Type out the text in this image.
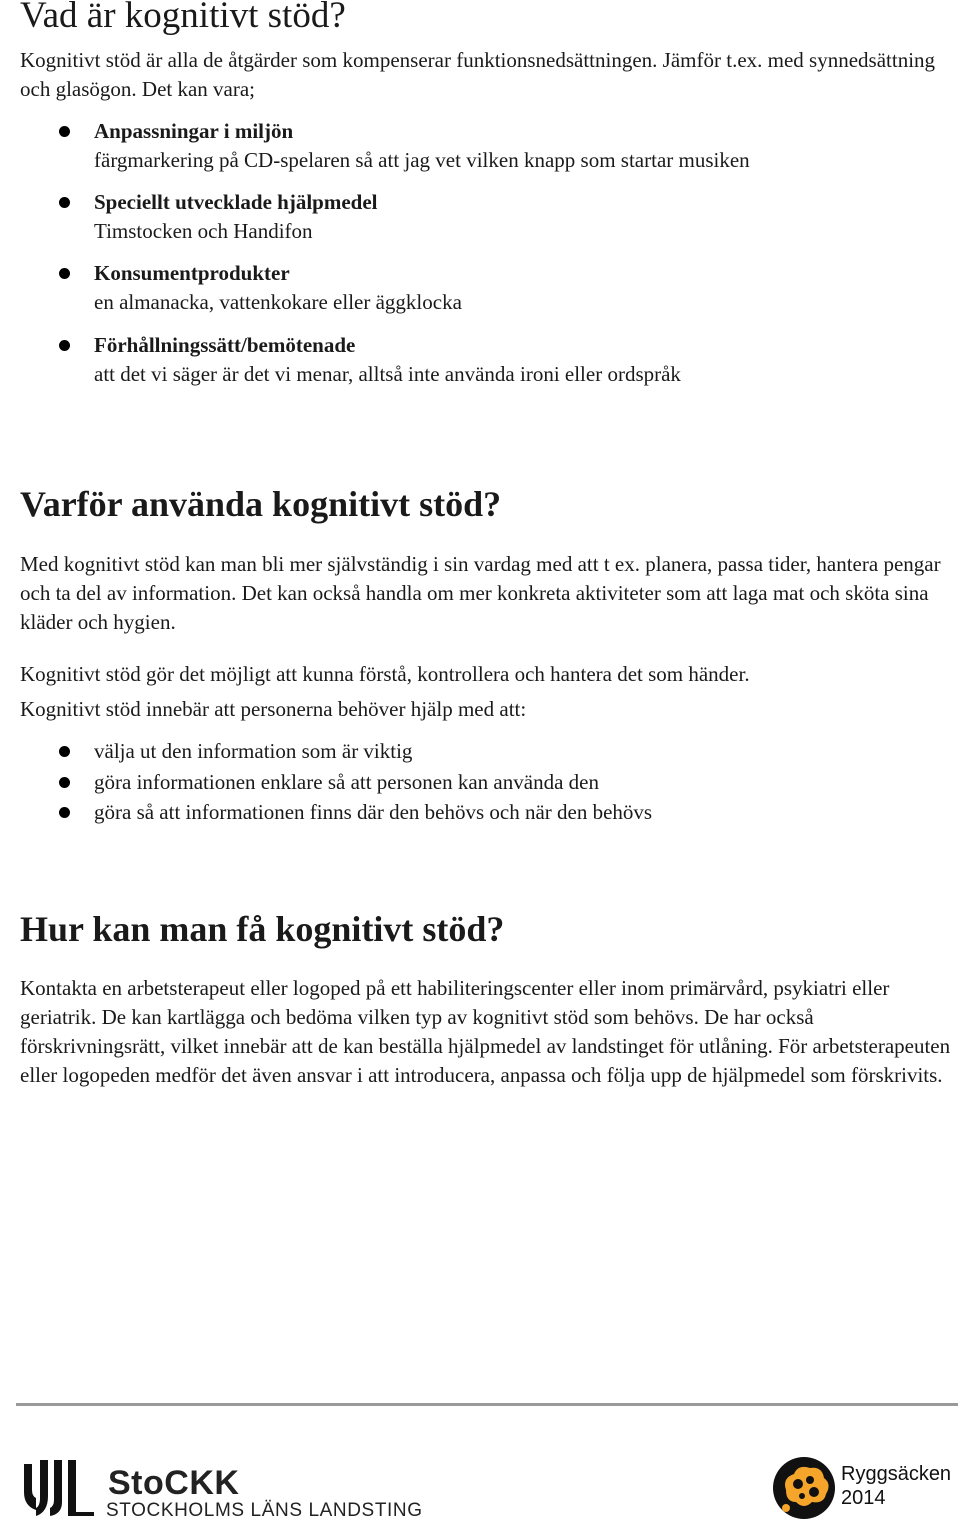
Vad är kognitivt stöd?
Kognitivt stöd är alla de åtgärder som kompenserar funktionsnedsättningen. Jämför t.ex. med synnedsättning och glasögon. Det kan vara;
Anpassningar i miljön
färgmarkering på CD-spelaren så att jag vet vilken knapp som startar musiken
Speciellt utvecklade hjälpmedel
Timstocken och Handifon
Konsumentprodukter
en almanacka, vattenkokare eller äggklocka
Förhållningssätt/bemötenade
att det vi säger är det vi menar, alltså inte använda ironi eller ordspråk
Varför använda kognitivt stöd?
Med kognitivt stöd kan man bli mer självständig i sin vardag med att t ex. planera, passa tider, hantera pengar och ta del av information. Det kan också handla om mer konkreta aktiviteter som att laga mat och sköta sina kläder och hygien.
Kognitivt stöd gör det möjligt att kunna förstå, kontrollera och hantera det som händer.
Kognitivt stöd innebär att personerna behöver hjälp med att:
välja ut den information som är viktig
göra informationen enklare så att personen kan använda den
göra så att informationen finns där den behövs och när den behövs
Hur kan man få kognitivt stöd?
Kontakta en arbetsterapeut eller logoped på ett habiliteringscenter eller inom primärvård, psykiatri eller geriatrik. De kan kartlägga och bedöma vilken typ av kognitivt stöd som behövs. De har också förskrivningsrätt, vilket innebär att de kan beställa hjälpmedel av landstinget för utlåning. För arbetsterapeuten eller logopeden medför det även ansvar i att introducera, anpassa och följa upp de hjälpmedel som förskrivits.
StoCKK
STOCKHOLMS LÄNS LANDSTING
Ryggsäcken
2014
